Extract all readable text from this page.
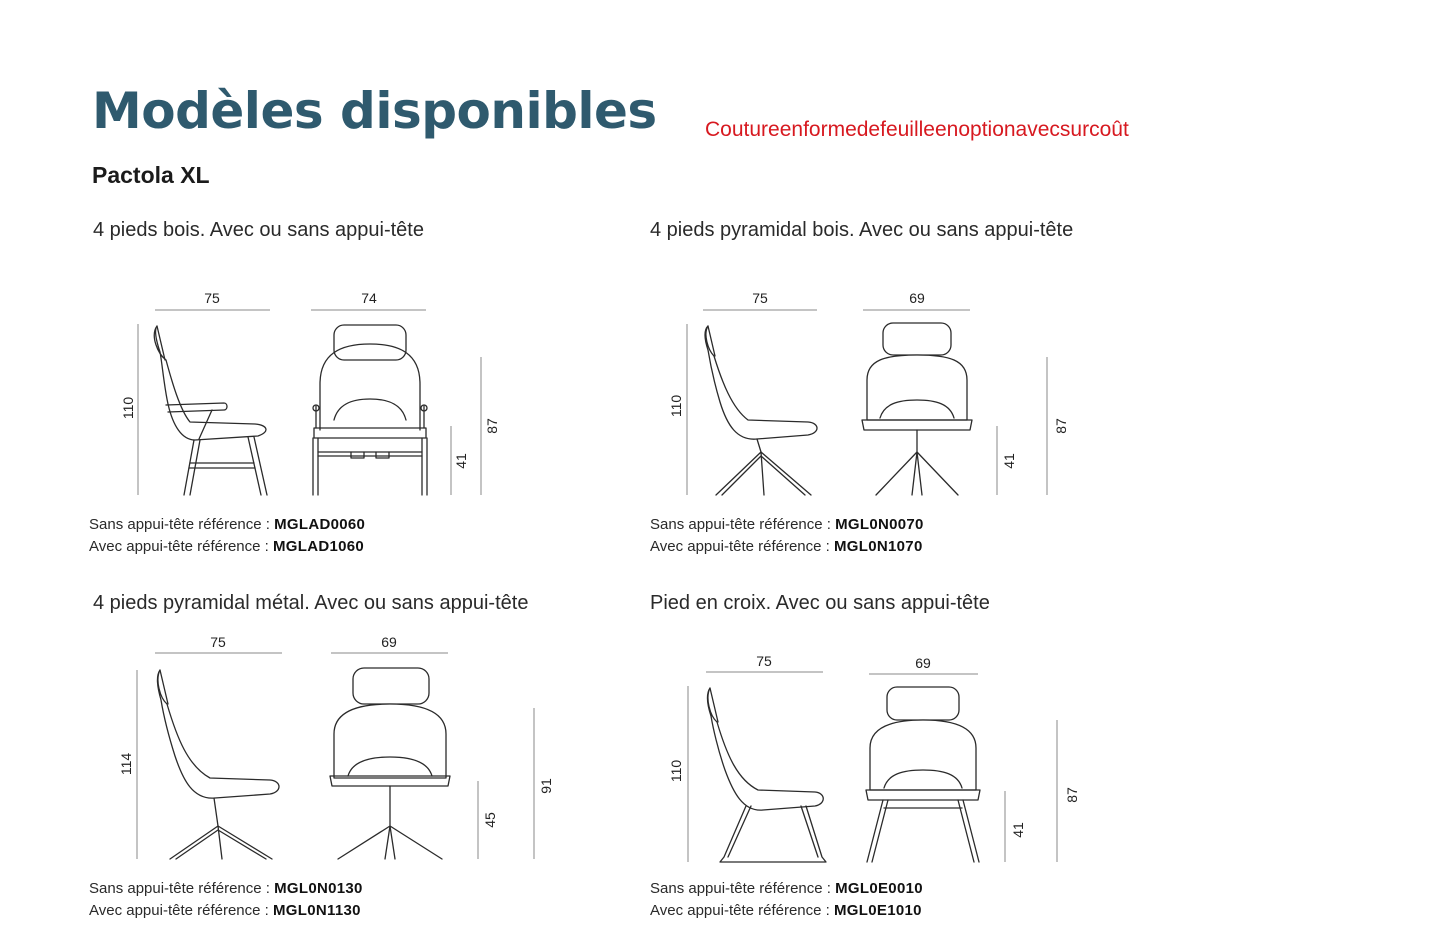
Modèles disponibles Coutureenformedefeuilleenoptionavecsurcoût
Pactola XL
4 pieds bois. Avec ou sans appui-tête
75	74
110
41
87
Sans appui-tête référence : MGLAD0060
Avec appui-tête référence : MGLAD1060
4 pieds pyramidal bois. Avec ou sans appui-tête
75	69
110
41
87
Sans appui-tête référence : MGL0N0070
Avec appui-tête référence : MGL0N1070
4 pieds pyramidal métal. Avec ou sans appui-tête
75	69
114
45
91
Sans appui-tête référence : MGL0N0130
Avec appui-tête référence : MGL0N1130
Pied en croix. Avec ou sans appui-tête
75	69
110
41
87
Sans appui-tête référence : MGL0E0010
Avec appui-tête référence : MGL0E1010
